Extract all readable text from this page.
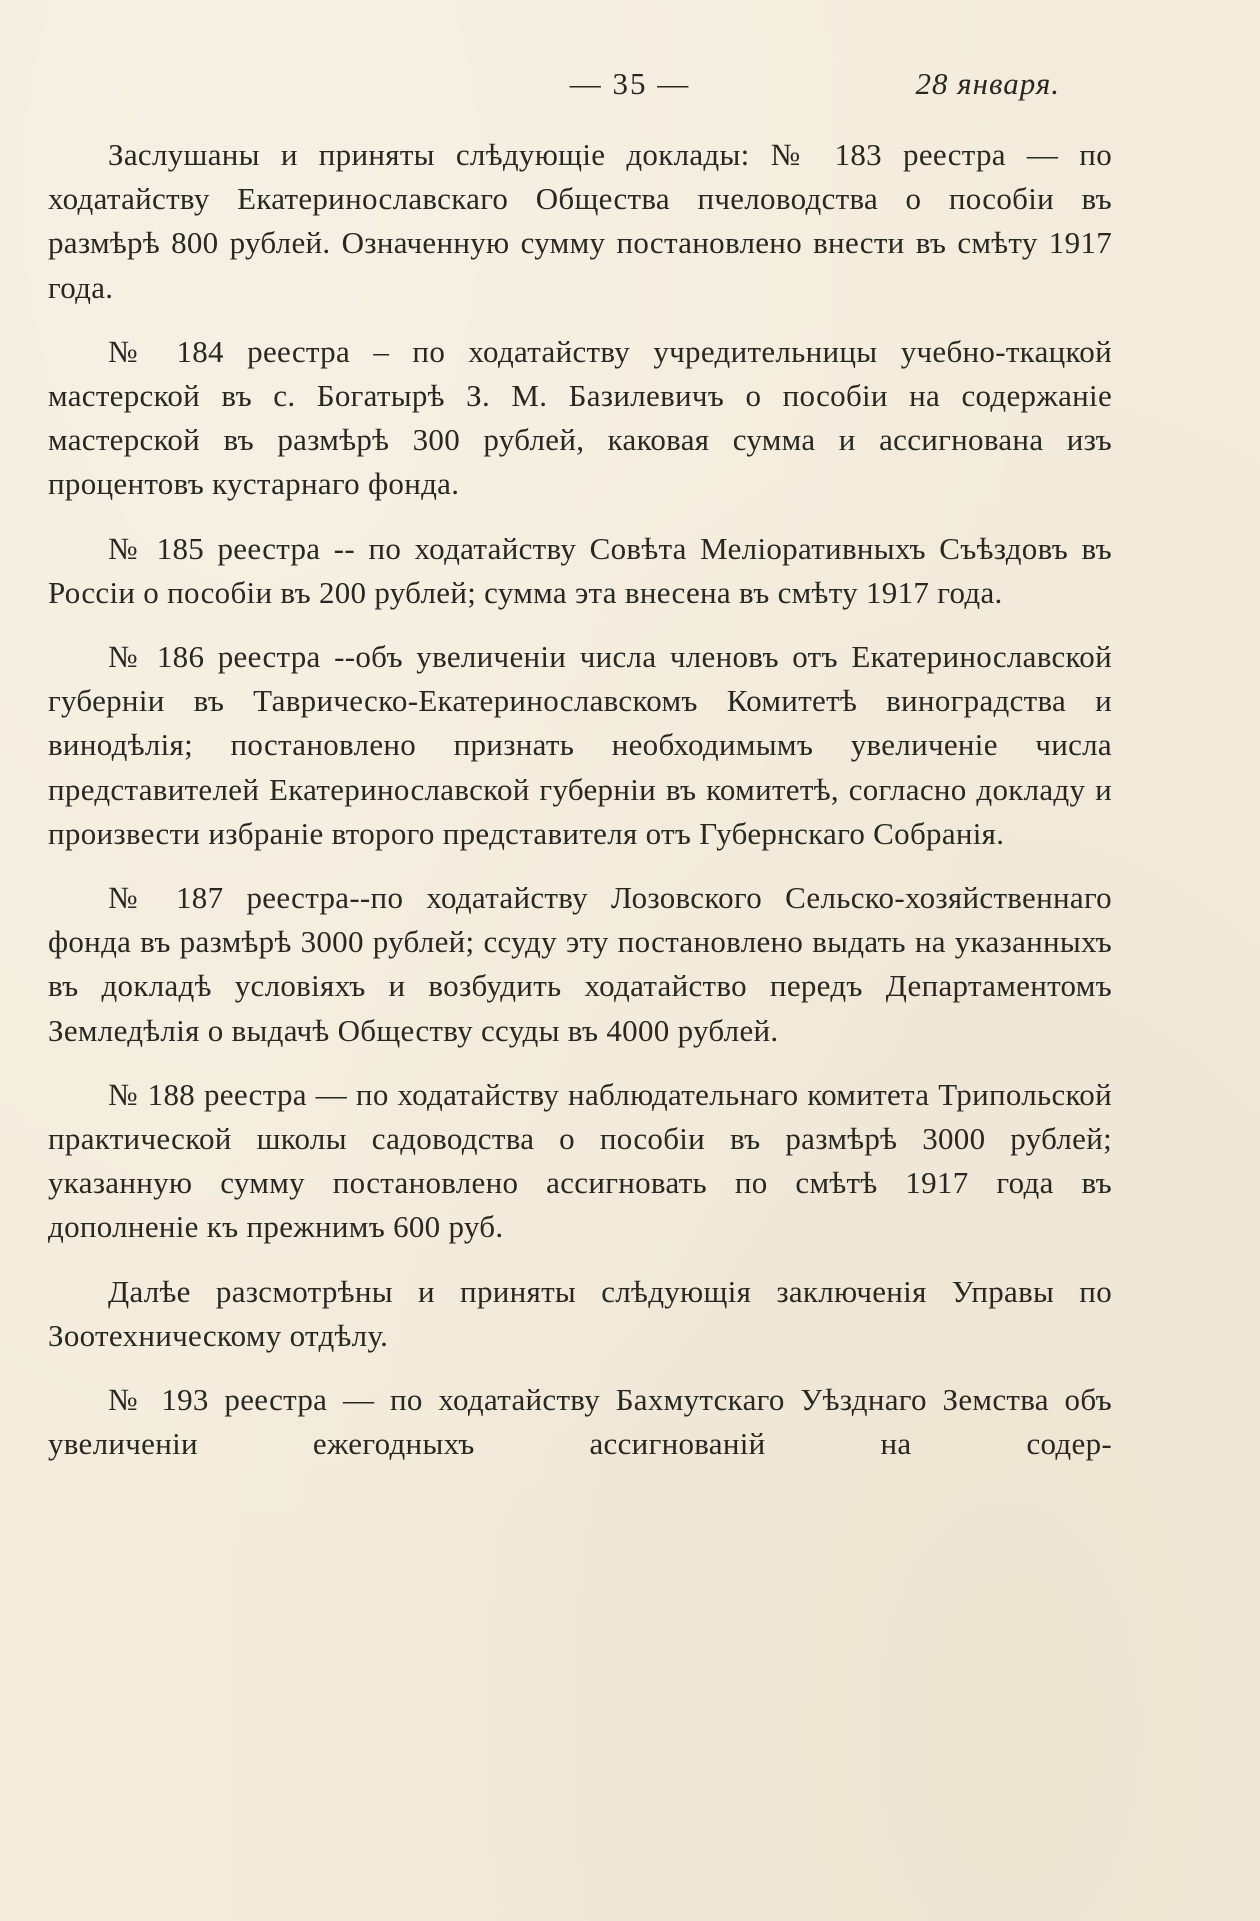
— 35 —	28 января.

Заслушаны и приняты слѣдующіе доклады: № 183 реестра — по ходатайству Екатеринославскаго Общества пчеловодства о пособіи въ размѣрѣ 800 рублей. Означенную сумму постановлено внести въ смѣту 1917 года.

№ 184 реестра – по ходатайству учредительницы учебно-ткацкой мастерской въ с. Богатырѣ З. М. Базилевичъ о пособіи на содержаніе мастерской въ размѣрѣ 300 рублей, каковая сумма и ассигнована изъ процентовъ кустарнаго фонда.

№ 185 реестра -- по ходатайству Совѣта Меліоративныхъ Съѣздовъ въ Россіи о пособіи въ 200 рублей; сумма эта внесена въ смѣту 1917 года.

№ 186 реестра --объ увеличеніи числа членовъ отъ Екатеринославской губерніи въ Таврическо-Екатеринославскомъ Комитетѣ виноградства и винодѣлія; постановлено признать необходимымъ увеличеніе числа представителей Екатеринославской губерніи въ комитетѣ, согласно докладу и произвести избраніе второго представителя отъ Губернскаго Собранія.

№ 187 реестра--по ходатайству Лозовского Сельско-хозяйственнаго фонда въ размѣрѣ 3000 рублей; ссуду эту постановлено выдать на указанныхъ въ докладѣ условіяхъ и возбудить ходатайство передъ Департаментомъ Земледѣлія о выдачѣ Обществу ссуды въ 4000 рублей.

№ 188 реестра — по ходатайству наблюдательнаго комитета Трипольской практической школы садоводства о пособіи въ размѣрѣ 3000 рублей; указанную сумму постановлено ассигновать по смѣтѣ 1917 года въ дополненіе къ прежнимъ 600 руб.

Далѣе разсмотрѣны и приняты слѣдующія заключенія Управы по Зоотехническому отдѣлу.

№ 193 реестра — по ходатайству Бахмутскаго Уѣзднаго Земства объ увеличеніи ежегодныхъ ассигнованій на содер-
